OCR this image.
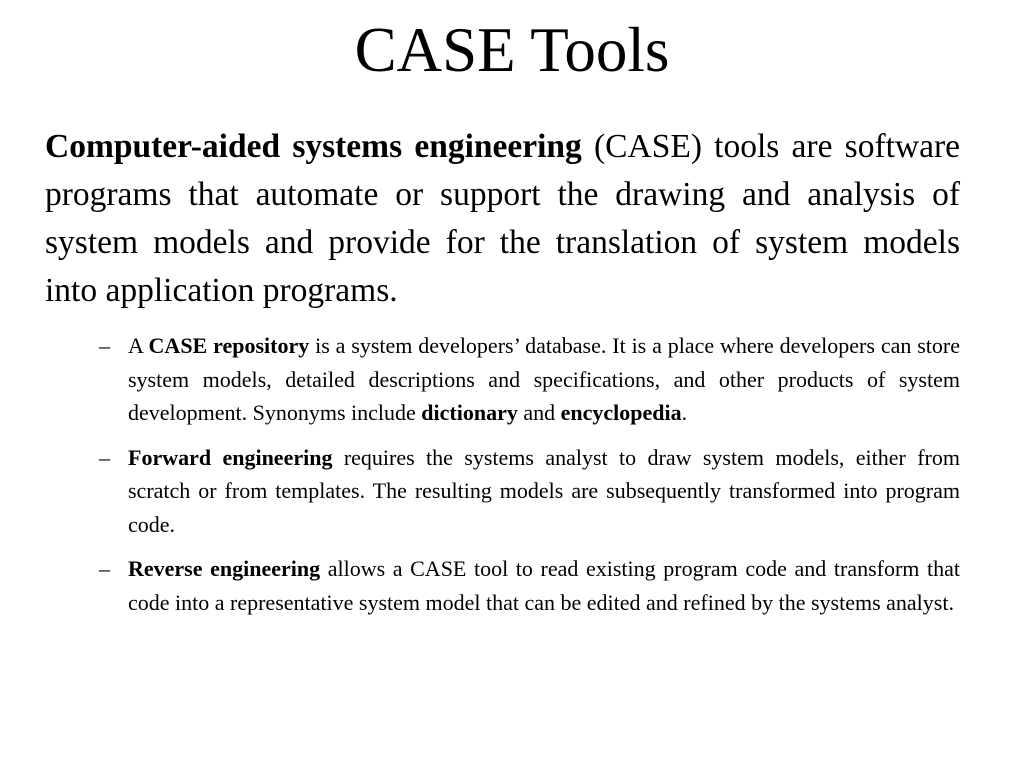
CASE Tools

Computer-aided systems engineering (CASE) tools are software programs that automate or support the drawing and analysis of system models and provide for the translation of system models into application programs.

– A CASE repository is a system developers’ database. It is a place where developers can store system models, detailed descriptions and specifications, and other products of system development. Synonyms include dictionary and encyclopedia.
– Forward engineering requires the systems analyst to draw system models, either from scratch or from templates. The resulting models are subsequently transformed into program code.
– Reverse engineering allows a CASE tool to read existing program code and transform that code into a representative system model that can be edited and refined by the systems analyst.
